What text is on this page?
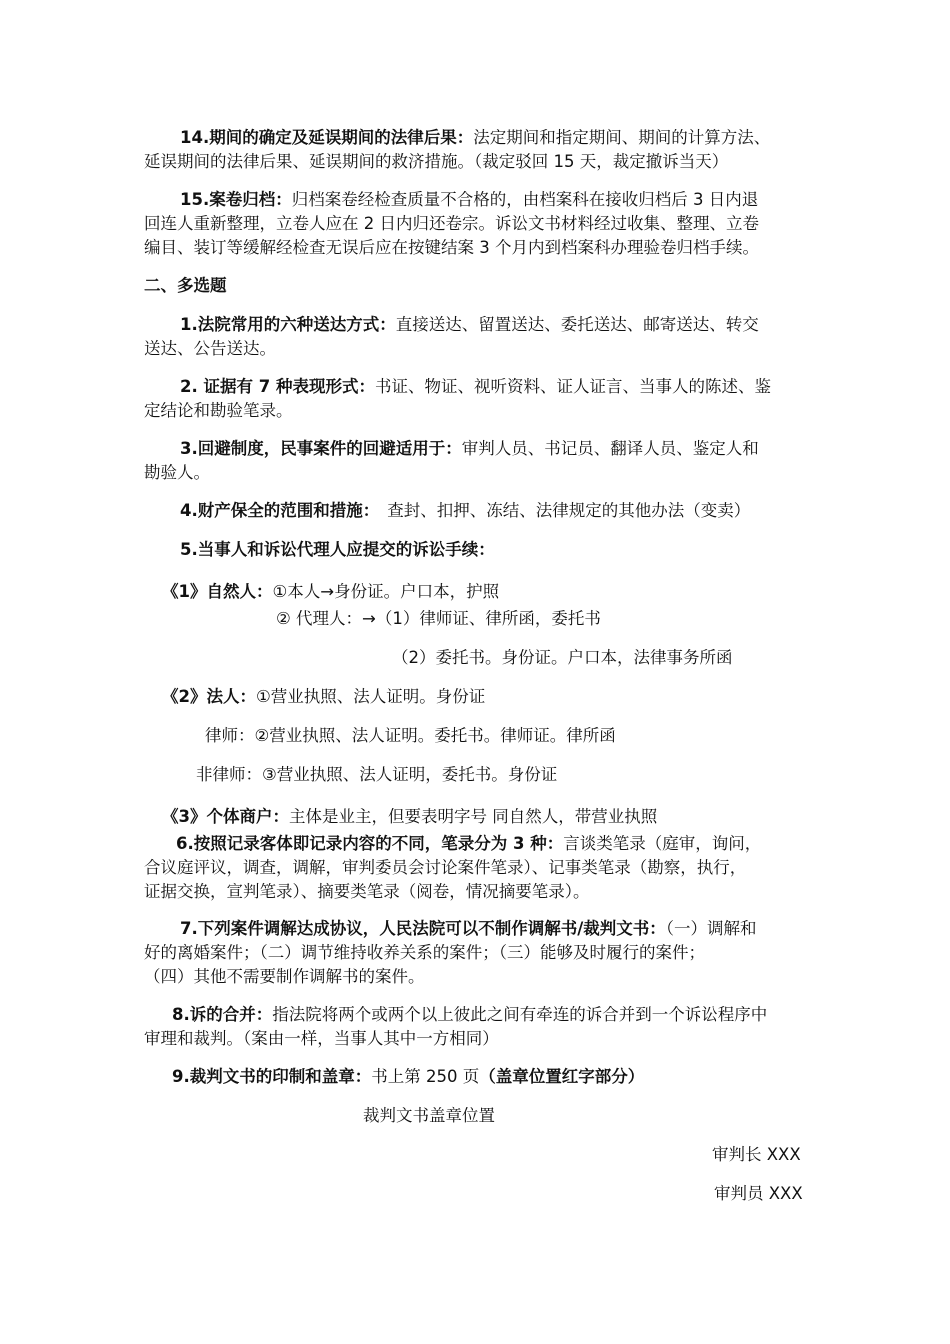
14.期间的确定及延误期间的法律后果：法定期间和指定期间、期间的计算方法、
延误期间的法律后果、延误期间的救济措施。（裁定驳回 15 天，裁定撤诉当天）
15.案卷归档：归档案卷经检查质量不合格的，由档案科在接收归档后 3 日内退
回连人重新整理，立卷人应在 2 日内归还卷宗。诉讼文书材料经过收集、整理、立卷
编目、装订等缓解经检查无误后应在按键结案 3 个月内到档案科办理验卷归档手续。
二、多选题
1.法院常用的六种送达方式：直接送达、留置送达、委托送达、邮寄送达、转交
送达、公告送达。
2. 证据有 7 种表现形式：书证、物证、视听资料、证人证言、当事人的陈述、鉴
定结论和勘验笔录。
3.回避制度，民事案件的回避适用于：审判人员、书记员、翻译人员、鉴定人和
勘验人。
4.财产保全的范围和措施： 查封、扣押、冻结、法律规定的其他办法（变卖）
5.当事人和诉讼代理人应提交的诉讼手续：
《1》自然人：①本人→身份证。户口本，护照
② 代理人：→（1）律师证、律所函，委托书
（2）委托书。身份证。户口本，法律事务所函
《2》法人：①营业执照、法人证明。身份证
律师：②营业执照、法人证明。委托书。律师证。律所函
非律师：③营业执照、法人证明，委托书。身份证
《3》个体商户：主体是业主，但要表明字号 同自然人，带营业执照
6.按照记录客体即记录内容的不同，笔录分为 3 种：言谈类笔录（庭审，询问，
合议庭评议，调查，调解，审判委员会讨论案件笔录）、记事类笔录（勘察，执行，
证据交换，宣判笔录）、摘要类笔录（阅卷，情况摘要笔录）。
7.下列案件调解达成协议，人民法院可以不制作调解书/裁判文书：（一）调解和
好的离婚案件；（二）调节维持收养关系的案件；（三）能够及时履行的案件；
（四）其他不需要制作调解书的案件。
8.诉的合并：指法院将两个或两个以上彼此之间有牵连的诉合并到一个诉讼程序中
审理和裁判。（案由一样，当事人其中一方相同）
9.裁判文书的印制和盖章：书上第 250 页（盖章位置红字部分）
裁判文书盖章位置
审判长 XXX
审判员 XXX
